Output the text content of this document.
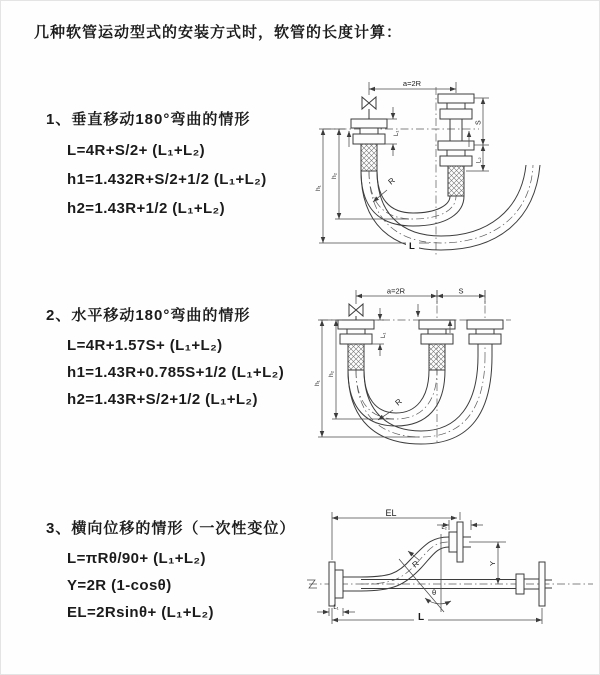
几种软管运动型式的安装方式时，软管的长度计算：

1、垂直移动180°弯曲的情形

L=4R+S/2+ (L₁+L₂)

h1=1.432R+S/2+1/2 (L₁+L₂)

h2=1.43R+1/2 (L₁+L₂)

2、水平移动180°弯曲的情形

L=4R+1.57S+ (L₁+L₂)

h1=1.43R+0.785S+1/2 (L₁+L₂)

h2=1.43R+S/2+1/2 (L₁+L₂)

3、横向位移的情形（一次性变位）

L=πRθ/90+ (L₁+L₂)

Y=2R (1-cosθ)

EL=2Rsinθ+ (L₁+L₂)

a=2R
h₁
h₂
L₁
S
L₂
R
L
a=2R	S
h₁
h₂
L₁
R
EL
L₂
Y
θ
R
L₁
L
